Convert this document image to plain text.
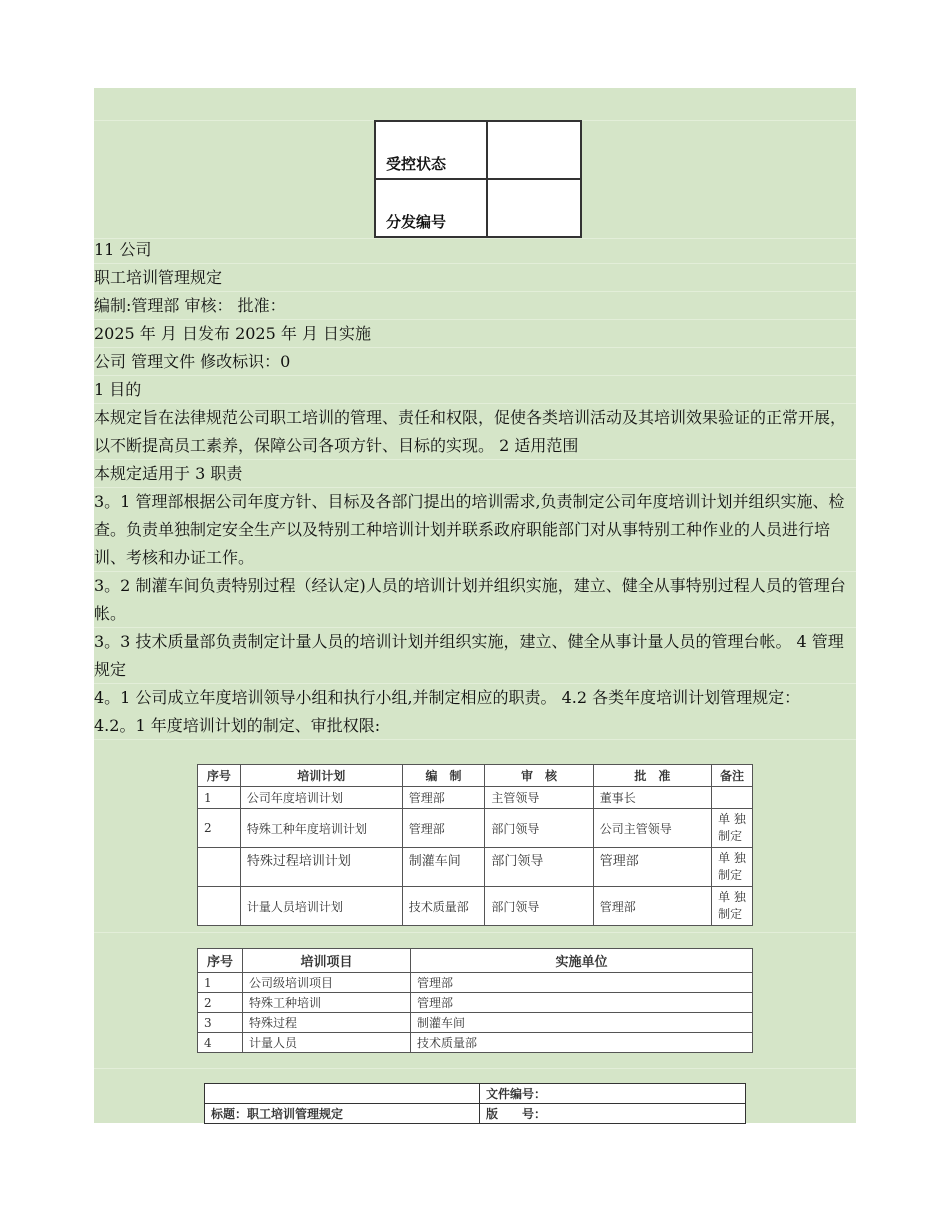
受控状态	
分发编号	
11 公司
职工培训管理规定
编制:管理部 审核： 批准：
2025 年 月 日发布 2025 年 月 日实施
公司 管理文件 修改标识：0
1 目的
本规定旨在法律规范公司职工培训的管理、责任和权限，促使各类培训活动及其培训效果验证的正常开展，以不断提高员工素养，保障公司各项方针、目标的实现。 2 适用范围
本规定适用于 3 职责
3。1 管理部根据公司年度方针、目标及各部门提出的培训需求,负责制定公司年度培训计划并组织实施、检查。负责单独制定安全生产以及特别工种培训计划并联系政府职能部门对从事特别工种作业的人员进行培训、考核和办证工作。
3。2 制灌车间负责特别过程（经认定)人员的培训计划并组织实施，建立、健全从事特别过程人员的管理台帐。
3。3 技术质量部负责制定计量人员的培训计划并组织实施，建立、健全从事计量人员的管理台帐。 4 管理规定
4。1 公司成立年度培训领导小组和执行小组,并制定相应的职责。 4.2 各类年度培训计划管理规定： 4.2。1 年度培训计划的制定、审批权限:
序号	培训计划	编　制	审　核	批　准	备注
1	公司年度培训计划	管理部	主管领导	董事长	
2	特殊工种年度培训计划	管理部	部门领导	公司主管领导	单 独制定
	特殊过程培训计划	制灌车间	部门领导	管理部	单 独制定
	计量人员培训计划	技术质量部	部门领导	管理部	单 独制定
序号	培训项目	实施单位
1	公司级培训项目	管理部
2	特殊工种培训	管理部
3	特殊过程	制灌车间
4	计量人员	技术质量部
	文件编号：
标题：职工培训管理规定	版　　号：
